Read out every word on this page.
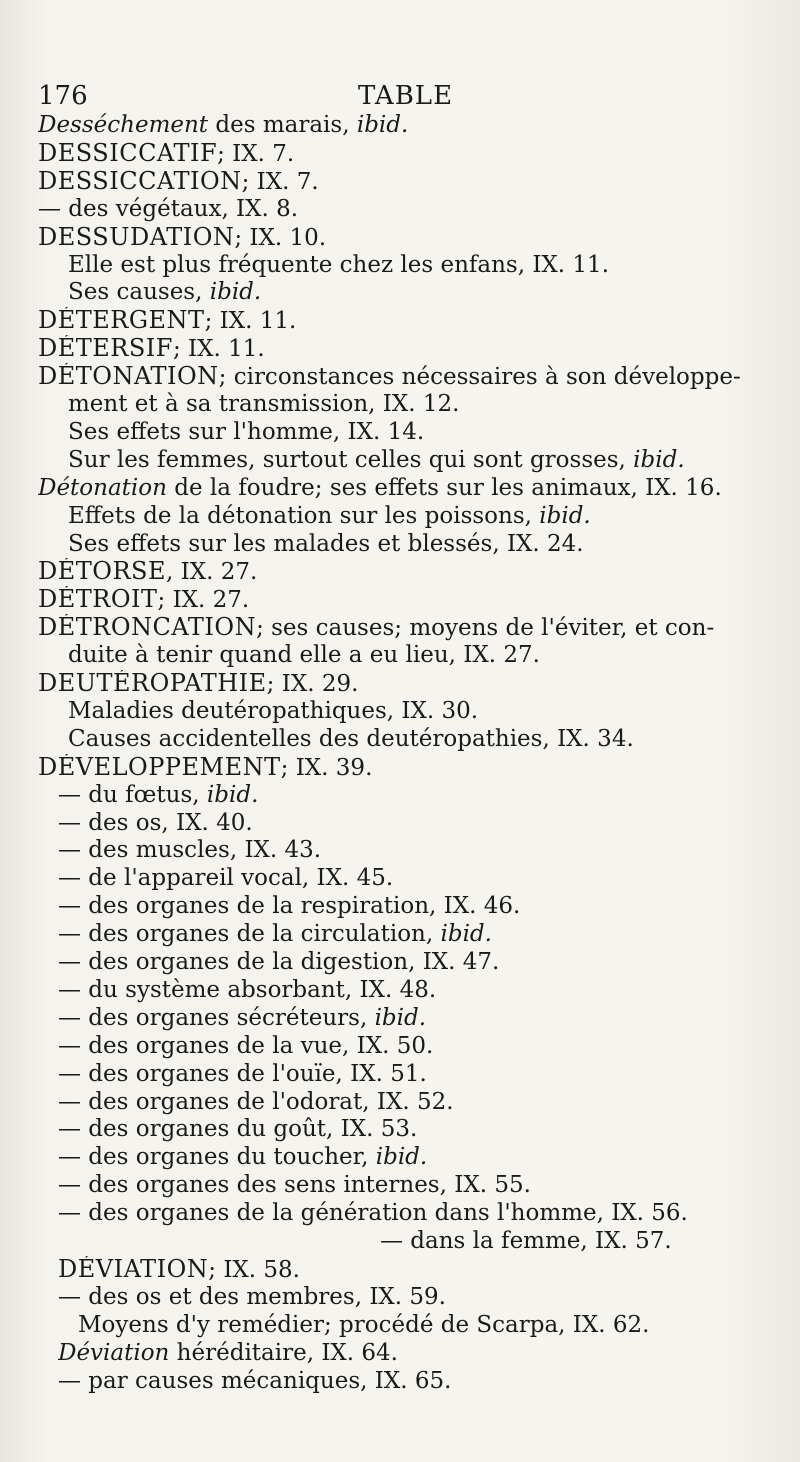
176	TABLE
Desséchement des marais, ibid.
DESSICCATIF; IX. 7.
DESSICCATION; IX. 7.
— des végétaux, IX. 8.
DESSUDATION; IX. 10.
Elle est plus fréquente chez les enfans, IX. 11.
Ses causes, ibid.
DÉTERGENT; IX. 11.
DÉTERSIF; IX. 11.
DÉTONATION; circonstances nécessaires à son développe-
ment et à sa transmission, IX. 12.
Ses effets sur l'homme, IX. 14.
Sur les femmes, surtout celles qui sont grosses, ibid.
Détonation de la foudre; ses effets sur les animaux, IX. 16.
Effets de la détonation sur les poissons, ibid.
Ses effets sur les malades et blessés, IX. 24.
DÉTORSE, IX. 27.
DÉTROIT; IX. 27.
DÉTRONCATION; ses causes; moyens de l'éviter, et con-
duite à tenir quand elle a eu lieu, IX. 27.
DEUTÉROPATHIE; IX. 29.
Maladies deutéropathiques, IX. 30.
Causes accidentelles des deutéropathies, IX. 34.
DÉVELOPPEMENT; IX. 39.
— du fœtus, ibid.
— des os, IX. 40.
— des muscles, IX. 43.
— de l'appareil vocal, IX. 45.
— des organes de la respiration, IX. 46.
— des organes de la circulation, ibid.
— des organes de la digestion, IX. 47.
— du système absorbant, IX. 48.
— des organes sécréteurs, ibid.
— des organes de la vue, IX. 50.
— des organes de l'ouïe, IX. 51.
— des organes de l'odorat, IX. 52.
— des organes du goût, IX. 53.
— des organes du toucher, ibid.
— des organes des sens internes, IX. 55.
— des organes de la génération dans l'homme, IX. 56.
— dans la femme, IX. 57.
DÉVIATION; IX. 58.
— des os et des membres, IX. 59.
Moyens d'y remédier; procédé de Scarpa, IX. 62.
Déviation héréditaire, IX. 64.
— par causes mécaniques, IX. 65.
